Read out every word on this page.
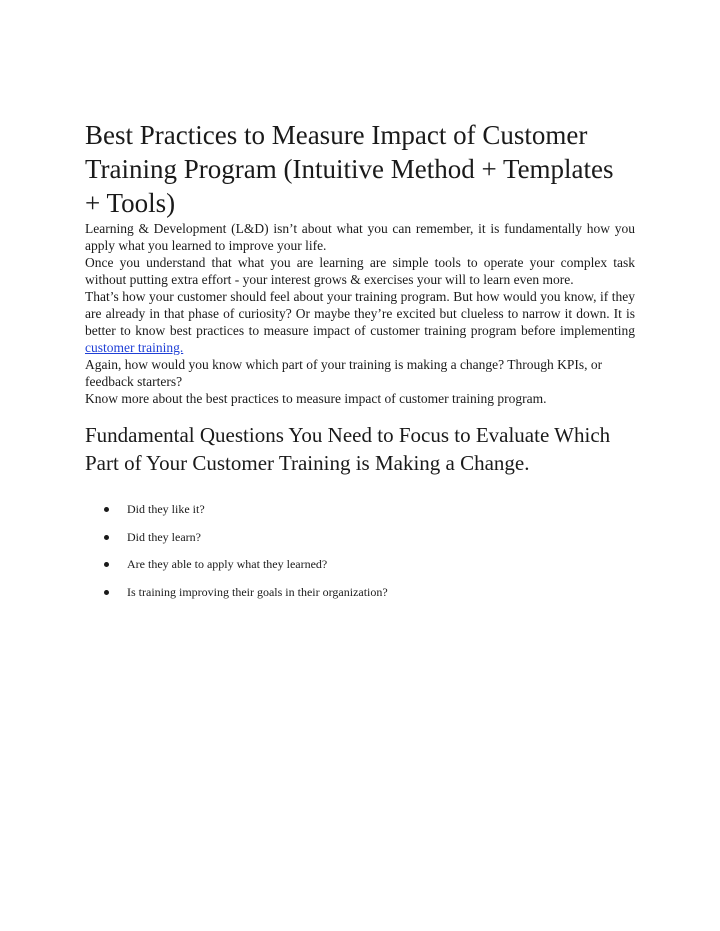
Best Practices to Measure Impact of Customer Training Program (Intuitive Method + Templates + Tools)

Learning & Development (L&D) isn’t about what you can remember, it is fundamentally how you apply what you learned to improve your life.

Once you understand that what you are learning are simple tools to operate your complex task without putting extra effort - your interest grows & exercises your will to learn even more.

That’s how your customer should feel about your training program. But how would you know, if they are already in that phase of curiosity? Or maybe they’re excited but clueless to narrow it down. It is better to know best practices to measure impact of customer training program before implementing customer training.

Again, how would you know which part of your training is making a change? Through KPIs, or feedback starters?

Know more about the best practices to measure impact of customer training program.

Fundamental Questions You Need to Focus to Evaluate Which Part of Your Customer Training is Making a Change.
Did they like it?
Did they learn?
Are they able to apply what they learned?
Is training improving their goals in their organization?
